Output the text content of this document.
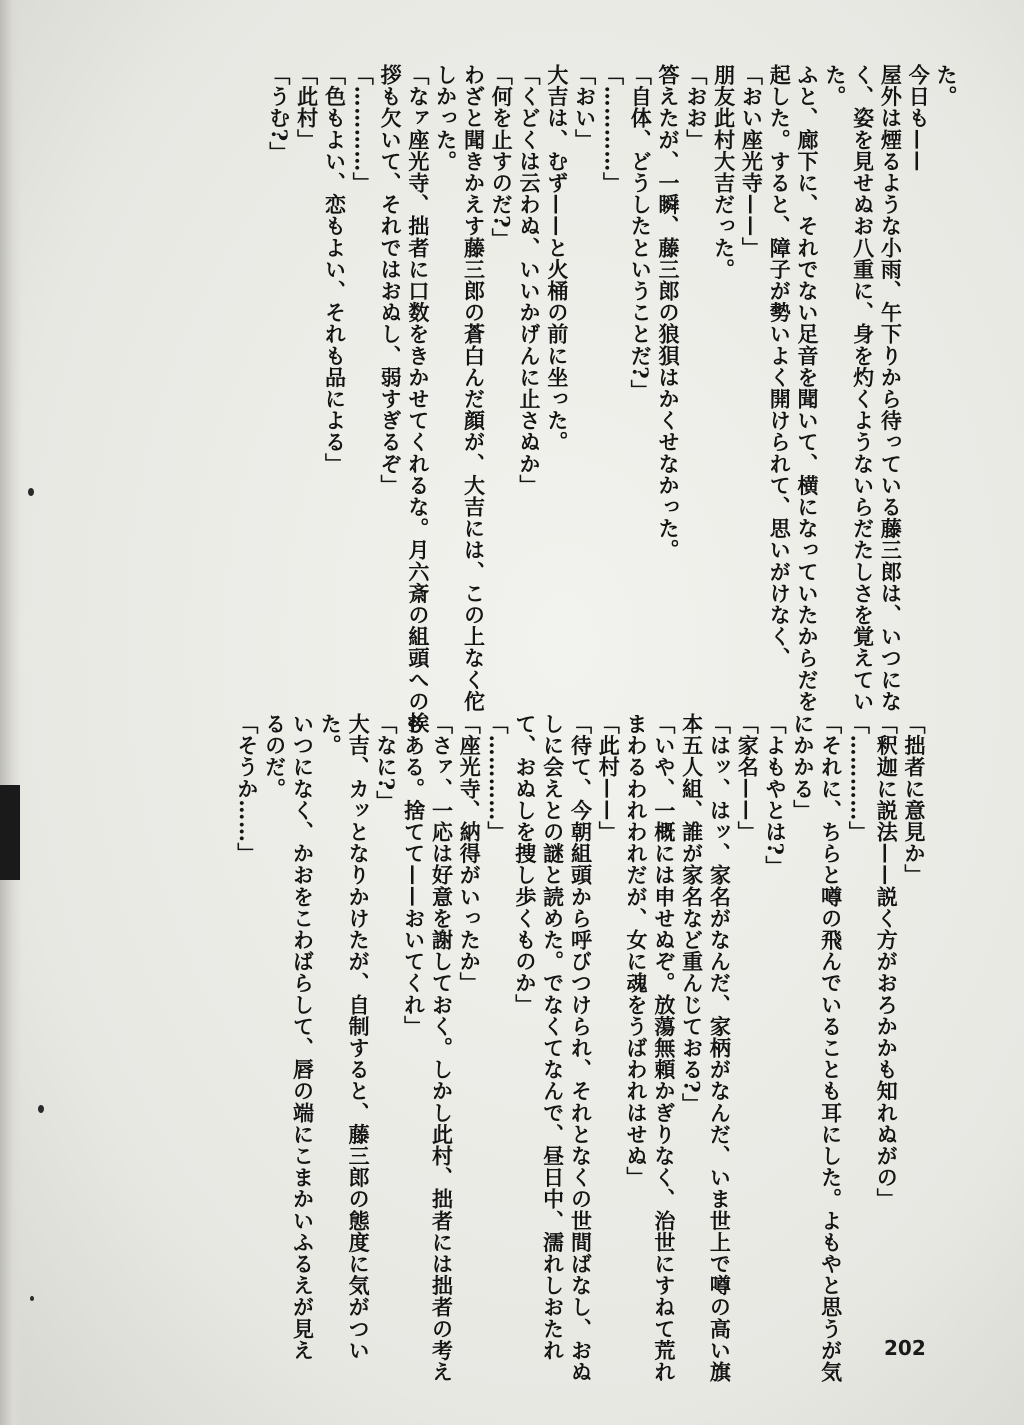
た。
今日も——
屋外は煙るような小雨、午下りから待っている藤三郎は、いつにな
く、姿を見せぬお八重に、身を灼くようないらだたしさを覚えてい
た。
ふと、廊下に、それでない足音を聞いて、横になっていたからだを
起した。すると、障子が勢いよく開けられて、思いがけなく、
「おい座光寺——」
朋友此村大吉だった。
「おお」
答えたが、一瞬、藤三郎の狼狽はかくせなかった。
「自体、どうしたということだ?」
「…………」
「おい」
大吉は、むず——と火桶の前に坐った。
「くどくは云わぬ、いいかげんに止さぬか」
「何を止すのだ?」
わざと聞きかえす藤三郎の蒼白んだ顔が、大吉には、この上なく佗
しかった。
「なァ座光寺、拙者に口数をきかせてくれるな。月六斎の組頭への挨
拶も欠いて、それではおぬし、弱すぎるぞ」
「…………」
「色もよい、恋もよい、それも品による」
「此村」
「うむ?」
「拙者に意見か」
「釈迦に説法——説く方がおろかかも知れぬがの」
「…………」
「それに、ちらと噂の飛んでいることも耳にした。よもやと思うが気
にかかる」
「よもやとは?」
「家名——」
「はッ、はッ、家名がなんだ、家柄がなんだ、いま世上で噂の高い旗
本五人組、誰が家名など重んじておる?」
「いや、一概には申せぬぞ。放蕩無頼かぎりなく、治世にすねて荒れ
まわるわれわれだが、女に魂をうばわれはせぬ」
「此村——」
「待て、今朝組頭から呼びつけられ、それとなくの世間ばなし、おぬ
しに会えとの謎と読めた。でなくてなんで、昼日中、濡れしおたれ
て、おぬしを捜し歩くものか」
「…………」
「座光寺、納得がいったか」
「さァ、一応は好意を謝しておく。しかし此村、拙者には拙者の考え
もある。捨てて——おいてくれ」
「なに?」
大吉、カッとなりかけたが、自制すると、藤三郎の態度に気がつい
た。
いつになく、かおをこわばらして、唇の端にこまかいふるえが見え
るのだ。
「そうか……」
202
